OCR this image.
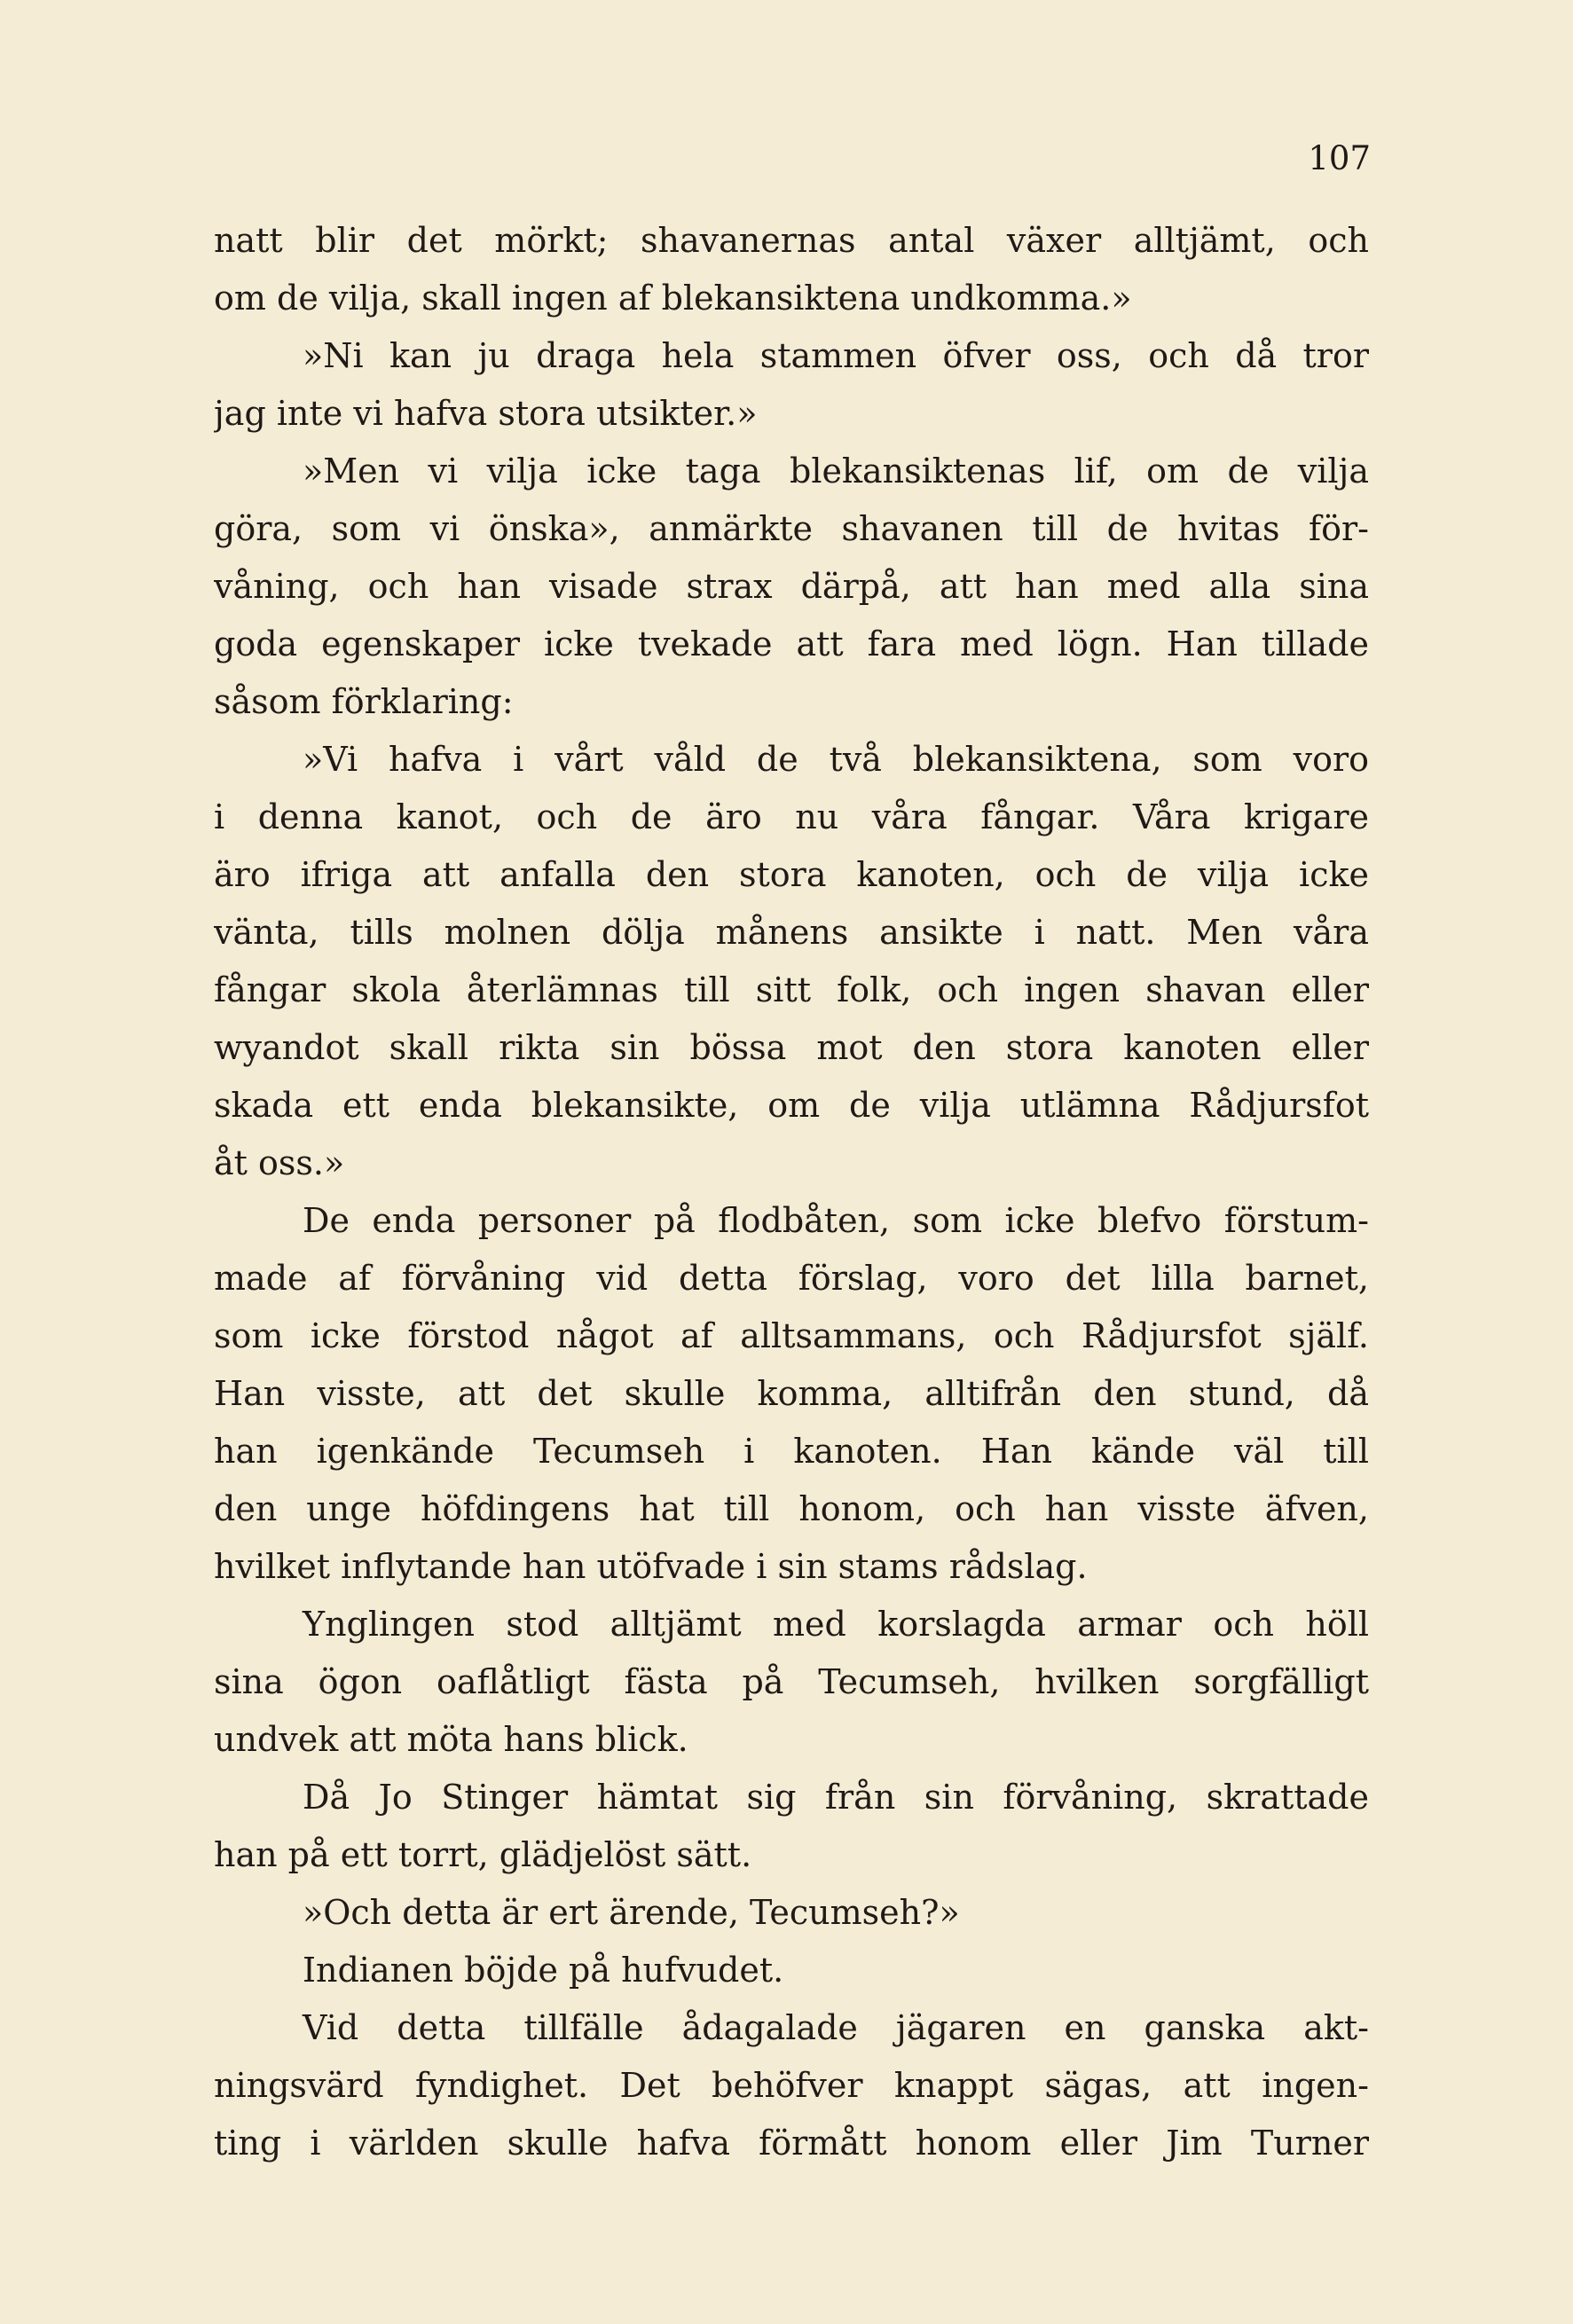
107
natt blir det mörkt; shavanernas antal växer alltjämt, och
om de vilja, skall ingen af blekansiktena undkomma.»
»Ni kan ju draga hela stammen öfver oss, och då tror
jag inte vi hafva stora utsikter.»
»Men vi vilja icke taga blekansiktenas lif, om de vilja
göra, som vi önska», anmärkte shavanen till de hvitas för-
våning, och han visade strax därpå, att han med alla sina
goda egenskaper icke tvekade att fara med lögn. Han tillade
såsom förklaring:
»Vi hafva i vårt våld de två blekansiktena, som voro
i denna kanot, och de äro nu våra fångar. Våra krigare
äro ifriga att anfalla den stora kanoten, och de vilja icke
vänta, tills molnen dölja månens ansikte i natt. Men våra
fångar skola återlämnas till sitt folk, och ingen shavan eller
wyandot skall rikta sin bössa mot den stora kanoten eller
skada ett enda blekansikte, om de vilja utlämna Rådjursfot
åt oss.»
De enda personer på flodbåten, som icke blefvo förstum-
made af förvåning vid detta förslag, voro det lilla barnet,
som icke förstod något af alltsammans, och Rådjursfot själf.
Han visste, att det skulle komma, alltifrån den stund, då
han igenkände Tecumseh i kanoten. Han kände väl till
den unge höfdingens hat till honom, och han visste äfven,
hvilket inflytande han utöfvade i sin stams rådslag.
Ynglingen stod alltjämt med korslagda armar och höll
sina ögon oaflåtligt fästa på Tecumseh, hvilken sorgfälligt
undvek att möta hans blick.
Då Jo Stinger hämtat sig från sin förvåning, skrattade
han på ett torrt, glädjelöst sätt.
»Och detta är ert ärende, Tecumseh?»
Indianen böjde på hufvudet.
Vid detta tillfälle ådagalade jägaren en ganska akt-
ningsvärd fyndighet. Det behöfver knappt sägas, att ingen-
ting i världen skulle hafva förmått honom eller Jim Turner
